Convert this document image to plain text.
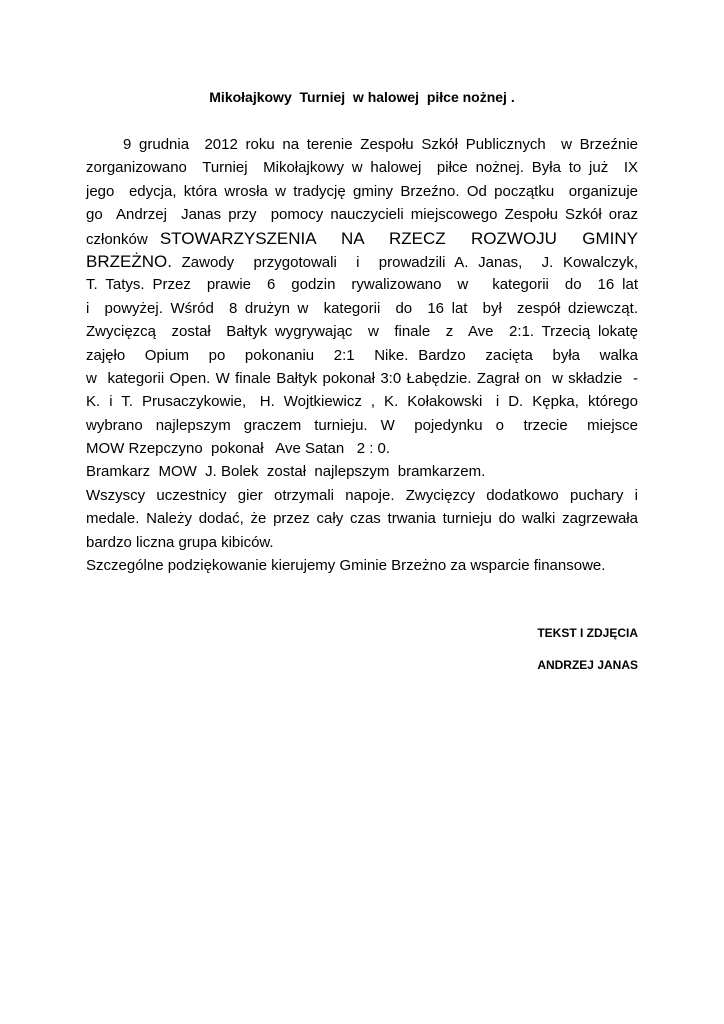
Mikołajkowy  Turniej  w halowej  piłce nożnej .
9 grudnia  2012 roku na terenie Zespołu Szkół Publicznych  w Brzeźnie
zorganizowano  Turniej  Mikołajkowy w halowej  piłce nożnej. Była to już  IX
jego  edycja, która wrosła w tradycję gminy Brzeźno. Od początku  organizuje
go  Andrzej  Janas przy  pomocy nauczycieli miejscowego Zespołu Szkół oraz
członków STOWARZYSZENIA  NA  RZECZ  ROZWOJU  GMINY
BRZEŻNO. Zawody  przygotowali  i  prowadzili A. Janas,  J. Kowalczyk,
T. Tatys. Przez  prawie  6  godzin  rywalizowano  w   kategorii  do  16 lat
i  powyżej. Wśród  8 drużyn w  kategorii  do  16 lat  był  zespół dziewcząt.
Zwycięzcą  został  Bałtyk wygrywając  w  finale  z  Ave  2:1. Trzecią lokatę
zajęło  Opium  po  pokonaniu  2:1  Nike. Bardzo  zacięta  była  walka
w  kategorii Open. W finale Bałtyk pokonał 3:0 Łabędzie. Zagrał on  w składzie  -
K.  i  T.  Prusaczykowie,   H.  Wojtkiewicz  ,  K.  Kołakowski   i  D.  Kępka,  którego
wybrano  najlepszym  graczem  turnieju.  W   pojedynku  o   trzecie   miejsce
MOW Rzepczyno  pokonał   Ave Satan   2 : 0.
Bramkarz  MOW  J. Bolek  został  najlepszym  bramkarzem.
Wszyscy  uczestnicy  gier  otrzymali  napoje.  Zwycięzcy  dodatkowo  puchary  i
medale. Należy dodać, że przez cały czas trwania turnieju do walki zagrzewała
bardzo liczna grupa kibiców.
Szczególne podziękowanie kierujemy Gminie Brzeżno za wsparcie finansowe.
TEKST I ZDJĘCIA
ANDRZEJ JANAS
